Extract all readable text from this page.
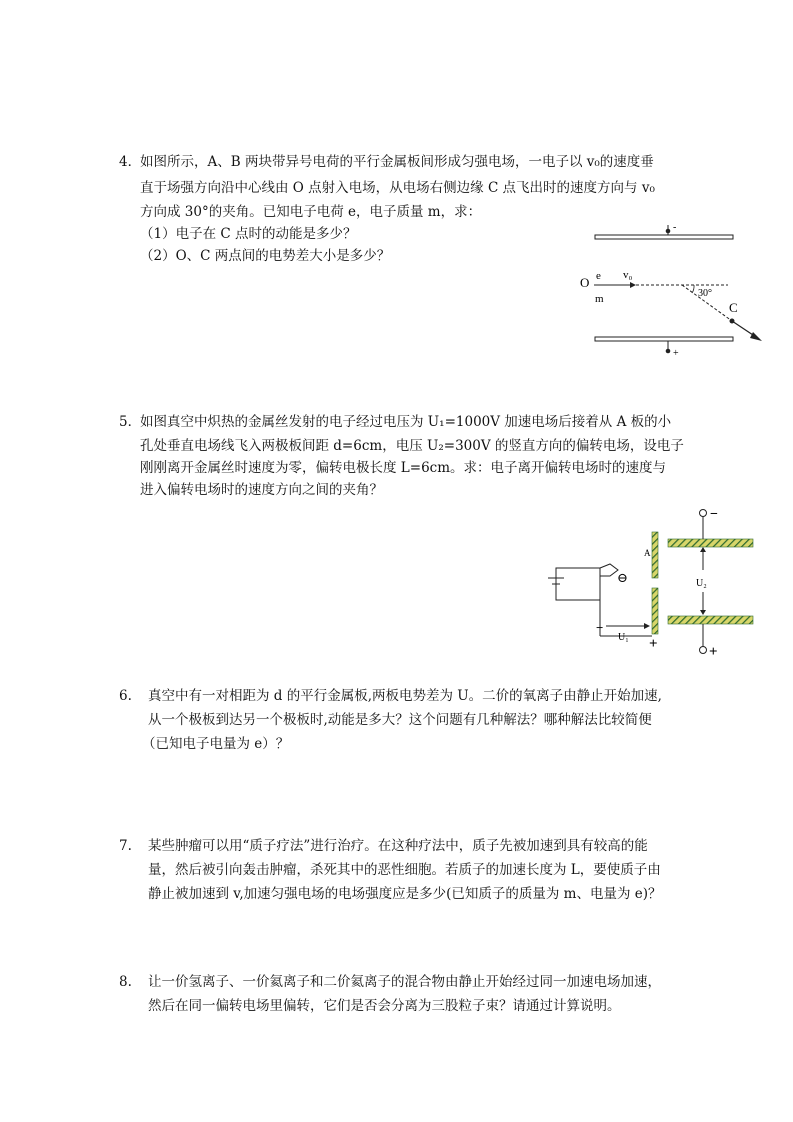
4．
如图所示，A、B 两块带异号电荷的平行金属板间形成匀强电场，一电子以 v₀的速度垂
直于场强方向沿中心线由 O 点射入电场，从电场右侧边缘 C 点飞出时的速度方向与 v₀
方向成 30°的夹角。已知电子电荷 e，电子质量 m，求：
（1）电子在 C 点时的动能是多少？
（2）O、C 两点间的电势差大小是多少？
-
+
O e
m
v₀
30°
C
5．
如图真空中炽热的金属丝发射的电子经过电压为 U₁=1000V 加速电场后接着从 A 板的小
孔处垂直电场线飞入两极板间距 d=6cm，电压 U₂=300V 的竖直方向的偏转电场，设电子
刚刚离开金属丝时速度为零，偏转电极长度 L=6cm。求：电子离开偏转电场时的速度与
进入偏转电场时的速度方向之间的夹角？
⊖
A
−
U₁ +
−
+
U₂
6. 真空中有一对相距为 d 的平行金属板,两板电势差为 U。二价的氧离子由静止开始加速,
从一个极板到达另一个极板时,动能是多大？这个问题有几种解法？哪种解法比较简便
（已知电子电量为 e）？
7. 某些肿瘤可以用“质子疗法”进行治疗。在这种疗法中，质子先被加速到具有较高的能
量，然后被引向轰击肿瘤，杀死其中的恶性细胞。若质子的加速长度为 L，要使质子由
静止被加速到 v,加速匀强电场的电场强度应是多少(已知质子的质量为 m、电量为 e)？
8. 让一价氢离子、一价氦离子和二价氦离子的混合物由静止开始经过同一加速电场加速，
然后在同一偏转电场里偏转，它们是否会分离为三股粒子束？请通过计算说明。
